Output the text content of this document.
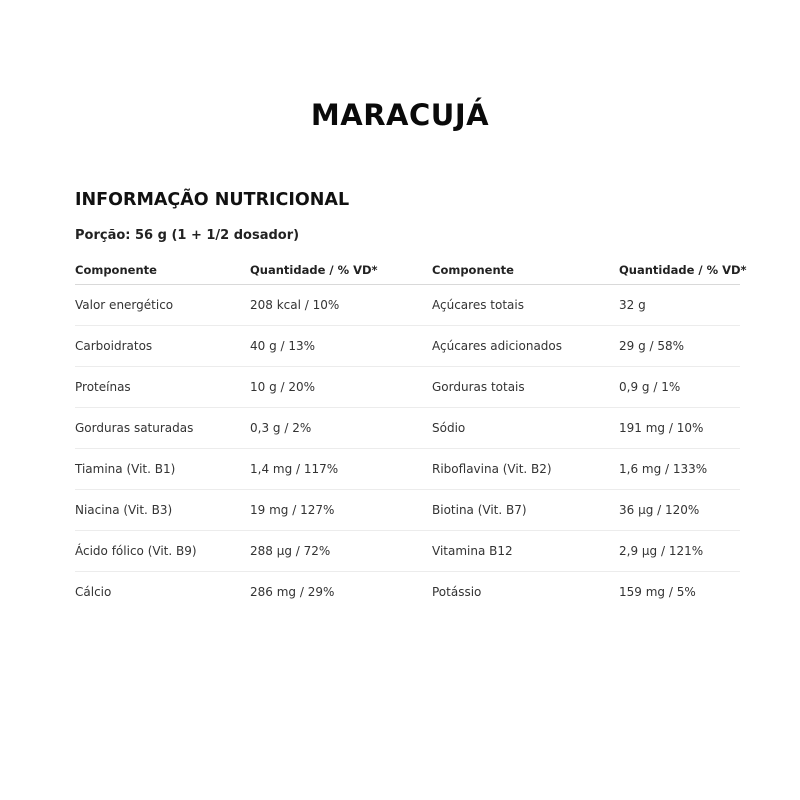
MARACUJÁ
INFORMAÇÃO NUTRICIONAL
Porção: 56 g (1 + 1/2 dosador)
Componente	Quantidade / % VD*	Componente	Quantidade / % VD*
Valor energético	208 kcal / 10%	Açúcares totais	32 g
Carboidratos	40 g / 13%	Açúcares adicionados	29 g / 58%
Proteínas	10 g / 20%	Gorduras totais	0,9 g / 1%
Gorduras saturadas	0,3 g / 2%	Sódio	191 mg / 10%
Tiamina (Vit. B1)	1,4 mg / 117%	Riboflavina (Vit. B2)	1,6 mg / 133%
Niacina (Vit. B3)	19 mg / 127%	Biotina (Vit. B7)	36 µg / 120%
Ácido fólico (Vit. B9)	288 µg / 72%	Vitamina B12	2,9 µg / 121%
Cálcio	286 mg / 29%	Potássio	159 mg / 5%
